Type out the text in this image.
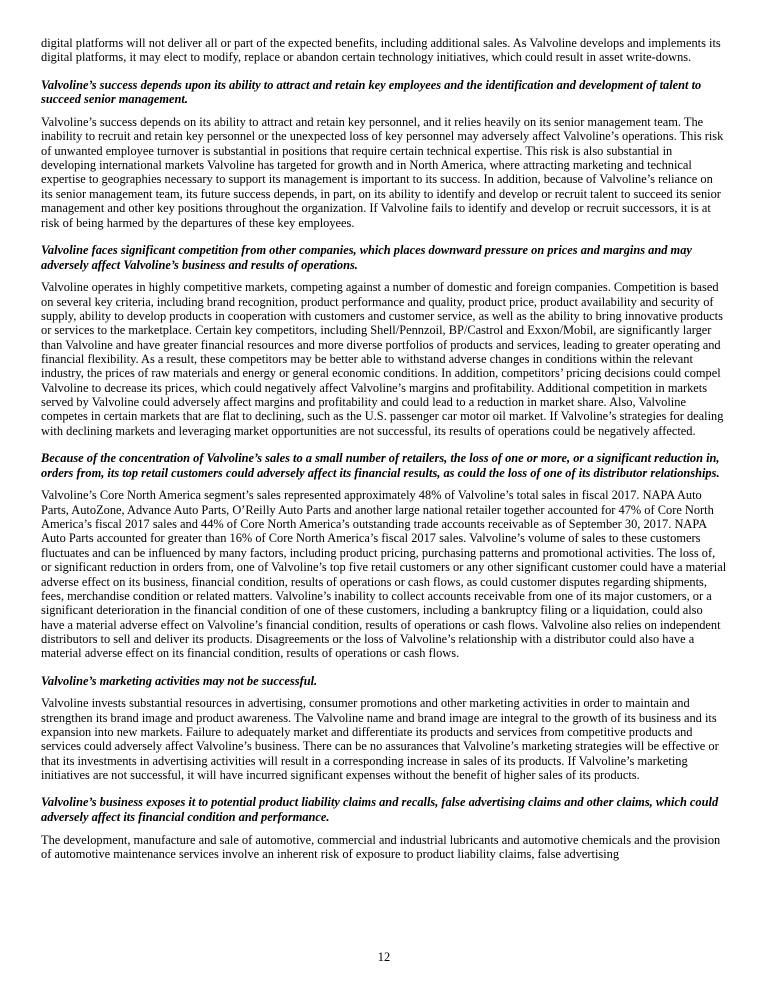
digital platforms will not deliver all or part of the expected benefits, including additional sales. As Valvoline develops and implements its digital platforms, it may elect to modify, replace or abandon certain technology initiatives, which could result in asset write-downs.

Valvoline’s success depends upon its ability to attract and retain key employees and the identification and development of talent to succeed senior management.

Valvoline’s success depends on its ability to attract and retain key personnel, and it relies heavily on its senior management team. The inability to recruit and retain key personnel or the unexpected loss of key personnel may adversely affect Valvoline’s operations. This risk of unwanted employee turnover is substantial in positions that require certain technical expertise. This risk is also substantial in developing international markets Valvoline has targeted for growth and in North America, where attracting marketing and technical expertise to geographies necessary to support its management is important to its success. In addition, because of Valvoline’s reliance on its senior management team, its future success depends, in part, on its ability to identify and develop or recruit talent to succeed its senior management and other key positions throughout the organization. If Valvoline fails to identify and develop or recruit successors, it is at risk of being harmed by the departures of these key employees.

Valvoline faces significant competition from other companies, which places downward pressure on prices and margins and may adversely affect Valvoline’s business and results of operations.

Valvoline operates in highly competitive markets, competing against a number of domestic and foreign companies. Competition is based on several key criteria, including brand recognition, product performance and quality, product price, product availability and security of supply, ability to develop products in cooperation with customers and customer service, as well as the ability to bring innovative products or services to the marketplace. Certain key competitors, including Shell/Pennzoil, BP/Castrol and Exxon/Mobil, are significantly larger than Valvoline and have greater financial resources and more diverse portfolios of products and services, leading to greater operating and financial flexibility. As a result, these competitors may be better able to withstand adverse changes in conditions within the relevant industry, the prices of raw materials and energy or general economic conditions. In addition, competitors’ pricing decisions could compel Valvoline to decrease its prices, which could negatively affect Valvoline’s margins and profitability. Additional competition in markets served by Valvoline could adversely affect margins and profitability and could lead to a reduction in market share. Also, Valvoline competes in certain markets that are flat to declining, such as the U.S. passenger car motor oil market. If Valvoline’s strategies for dealing with declining markets and leveraging market opportunities are not successful, its results of operations could be negatively affected.

Because of the concentration of Valvoline’s sales to a small number of retailers, the loss of one or more, or a significant reduction in, orders from, its top retail customers could adversely affect its financial results, as could the loss of one of its distributor relationships.

Valvoline’s Core North America segment’s sales represented approximately 48% of Valvoline’s total sales in fiscal 2017. NAPA Auto Parts, AutoZone, Advance Auto Parts, O’Reilly Auto Parts and another large national retailer together accounted for 47% of Core North America’s fiscal 2017 sales and 44% of Core North America’s outstanding trade accounts receivable as of September 30, 2017. NAPA Auto Parts accounted for greater than 16% of Core North America’s fiscal 2017 sales. Valvoline’s volume of sales to these customers fluctuates and can be influenced by many factors, including product pricing, purchasing patterns and promotional activities. The loss of, or significant reduction in orders from, one of Valvoline’s top five retail customers or any other significant customer could have a material adverse effect on its business, financial condition, results of operations or cash flows, as could customer disputes regarding shipments, fees, merchandise condition or related matters. Valvoline’s inability to collect accounts receivable from one of its major customers, or a significant deterioration in the financial condition of one of these customers, including a bankruptcy filing or a liquidation, could also have a material adverse effect on Valvoline’s financial condition, results of operations or cash flows. Valvoline also relies on independent distributors to sell and deliver its products. Disagreements or the loss of Valvoline’s relationship with a distributor could also have a material adverse effect on its financial condition, results of operations or cash flows.

Valvoline’s marketing activities may not be successful.

Valvoline invests substantial resources in advertising, consumer promotions and other marketing activities in order to maintain and strengthen its brand image and product awareness. The Valvoline name and brand image are integral to the growth of its business and its expansion into new markets. Failure to adequately market and differentiate its products and services from competitive products and services could adversely affect Valvoline’s business. There can be no assurances that Valvoline’s marketing strategies will be effective or that its investments in advertising activities will result in a corresponding increase in sales of its products. If Valvoline’s marketing initiatives are not successful, it will have incurred significant expenses without the benefit of higher sales of its products.

Valvoline’s business exposes it to potential product liability claims and recalls, false advertising claims and other claims, which could adversely affect its financial condition and performance.

The development, manufacture and sale of automotive, commercial and industrial lubricants and automotive chemicals and the provision of automotive maintenance services involve an inherent risk of exposure to product liability claims, false advertising

12
